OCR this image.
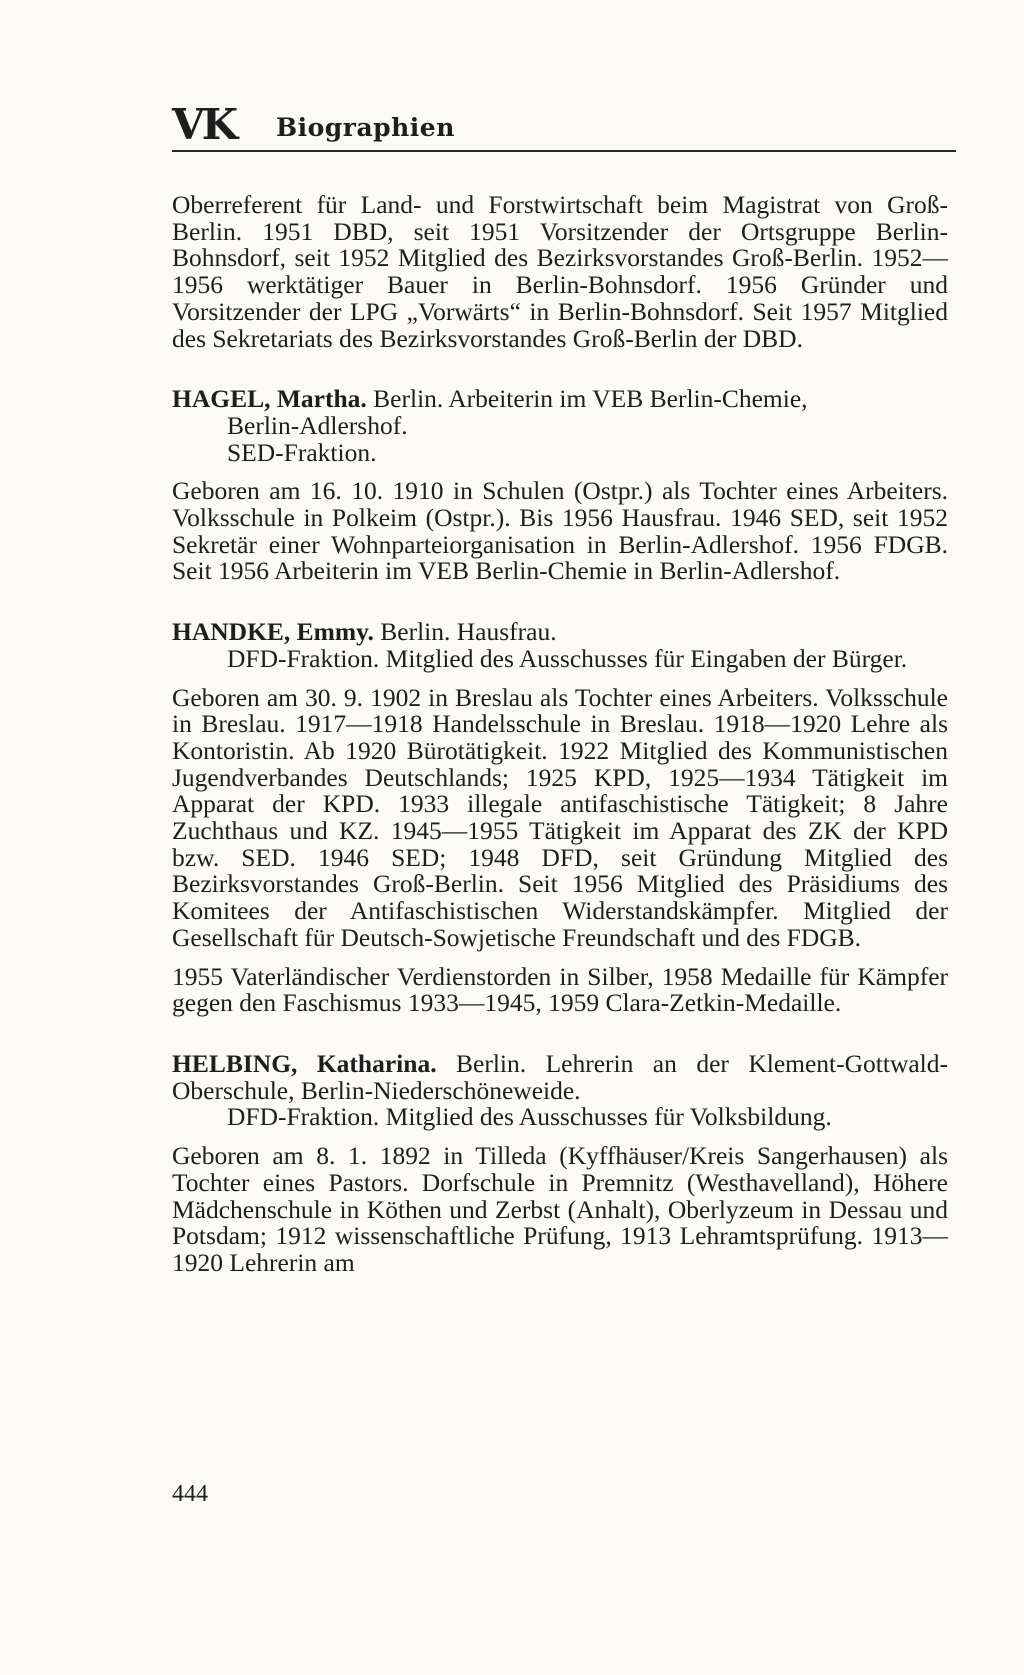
VK Biographien

Oberreferent für Land- und Forstwirtschaft beim Magistrat von Groß-Berlin. 1951 DBD, seit 1951 Vorsitzender der Ortsgruppe Berlin-Bohnsdorf, seit 1952 Mitglied des Bezirksvorstandes Groß-Berlin. 1952—1956 werktätiger Bauer in Berlin-Bohnsdorf. 1956 Gründer und Vorsitzender der LPG „Vorwärts“ in Berlin-Bohnsdorf. Seit 1957 Mitglied des Sekretariats des Bezirksvorstandes Groß-Berlin der DBD.

HAGEL, Martha. Berlin. Arbeiterin im VEB Berlin-Chemie,

Berlin-Adlershof.

SED-Fraktion.

Geboren am 16. 10. 1910 in Schulen (Ostpr.) als Tochter eines Arbeiters. Volksschule in Polkeim (Ostpr.). Bis 1956 Hausfrau. 1946 SED, seit 1952 Sekretär einer Wohnparteiorganisation in Berlin-Adlershof. 1956 FDGB. Seit 1956 Arbeiterin im VEB Berlin-Chemie in Berlin-Adlershof.

HANDKE, Emmy. Berlin. Hausfrau.

DFD-Fraktion. Mitglied des Ausschusses für Eingaben der Bürger.

Geboren am 30. 9. 1902 in Breslau als Tochter eines Arbeiters. Volksschule in Breslau. 1917—1918 Handelsschule in Breslau. 1918—1920 Lehre als Kontoristin. Ab 1920 Bürotätigkeit. 1922 Mitglied des Kommunistischen Jugendverbandes Deutschlands; 1925 KPD, 1925—1934 Tätigkeit im Apparat der KPD. 1933 illegale antifaschistische Tätigkeit; 8 Jahre Zuchthaus und KZ. 1945—1955 Tätigkeit im Apparat des ZK der KPD bzw. SED. 1946 SED; 1948 DFD, seit Gründung Mitglied des Bezirksvorstandes Groß-Berlin. Seit 1956 Mitglied des Präsidiums des Komitees der Antifaschistischen Widerstandskämpfer. Mitglied der Gesellschaft für Deutsch-Sowjetische Freundschaft und des FDGB.

1955 Vaterländischer Verdienstorden in Silber, 1958 Medaille für Kämpfer gegen den Faschismus 1933—1945, 1959 Clara-Zetkin-Medaille.

HELBING, Katharina. Berlin. Lehrerin an der Klement-Gottwald-Oberschule, Berlin-Niederschöneweide.

DFD-Fraktion. Mitglied des Ausschusses für Volksbildung.

Geboren am 8. 1. 1892 in Tilleda (Kyffhäuser/Kreis Sangerhausen) als Tochter eines Pastors. Dorfschule in Premnitz (Westhavelland), Höhere Mädchenschule in Köthen und Zerbst (Anhalt), Oberlyzeum in Dessau und Potsdam; 1912 wissenschaftliche Prüfung, 1913 Lehramtsprüfung. 1913—1920 Lehrerin am

444
